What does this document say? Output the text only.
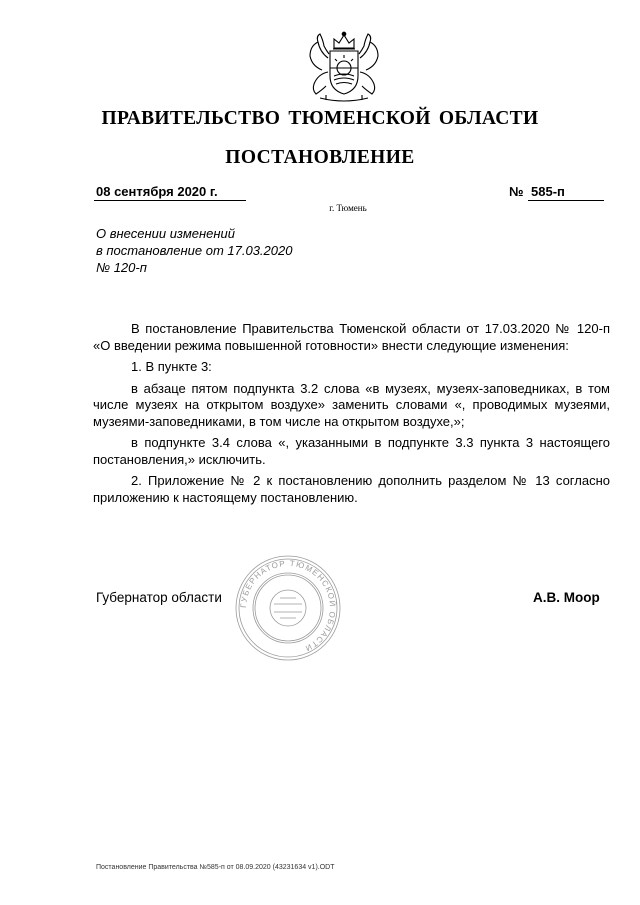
ПРАВИТЕЛЬСТВО ТЮМЕНСКОЙ ОБЛАСТИ
ПОСТАНОВЛЕНИЕ
08 сентября 2020 г.	№ 585-п
г. Тюмень
О внесении изменений
в постановление от 17.03.2020
№ 120-п

В постановление Правительства Тюменской области от 17.03.2020 № 120-п «О введении режима повышенной готовности» внести следующие изменения:

1. В пункте 3:

в абзаце пятом подпункта 3.2 слова «в музеях, музеях-заповедниках, в том числе музеях на открытом воздухе» заменить словами «, проводимых музеями, музеями-заповедниками, в том числе на открытом воздухе,»;

в подпункте 3.4 слова «, указанными в подпункте 3.3 пункта 3 настоящего постановления,» исключить.

2. Приложение № 2 к постановлению дополнить разделом № 13 согласно приложению к настоящему постановлению.

ГУБЕРНАТОР ТЮМЕНСКОЙ ОБЛАСТИ
Губернатор области	А.В. Моор
Постановление Правительства №585-п от 08.09.2020 (43231634 v1).ODT
